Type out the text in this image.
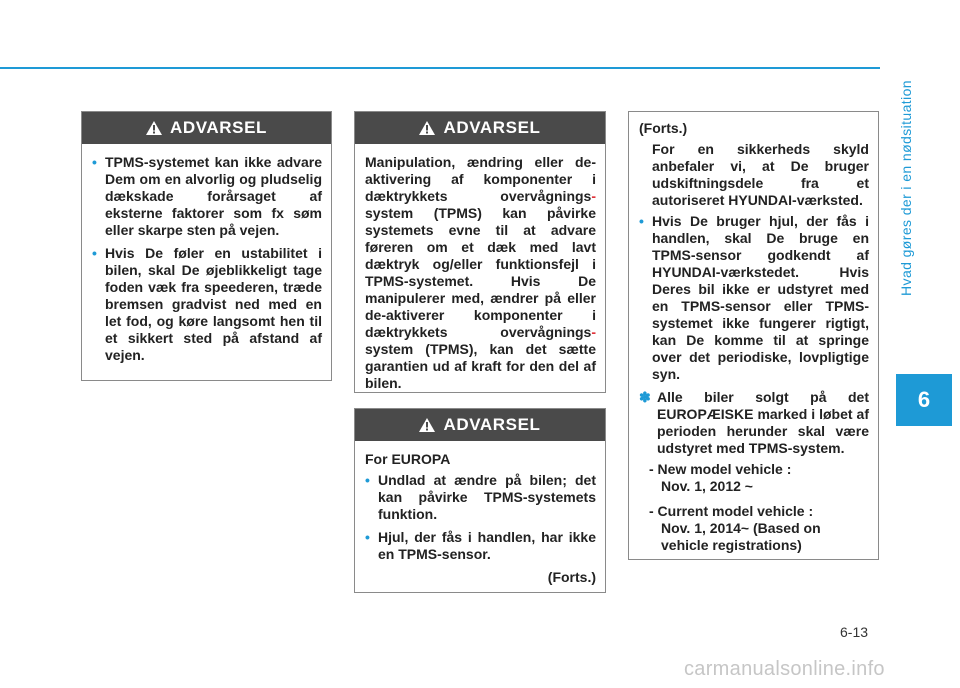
Hvad gøres der i en nødsituation
6
ADVARSEL
• TPMS-systemet kan ikke advare Dem om en alvorlig og pludselig dækskade forårsaget af eksterne faktorer som fx søm eller skarpe sten på vejen.
• Hvis De føler en ustabilitet i bilen, skal De øjeblikkeligt tage foden væk fra speederen, træde bremsen gradvist ned med en let fod, og køre langsomt hen til et sikkert sted på afstand af vejen.
ADVARSEL
Manipulation, ændring eller de-aktivering af komponenter i dæktrykkets overvågnings- system (TPMS) kan påvirke systemets evne til at advare føreren om et dæk med lavt dæktryk og/eller funktionsfejl i TPMS-systemet. Hvis De manipulerer med, ændrer på eller de-aktiverer komponenter i dæktrykkets overvågnings- system (TPMS), kan det sætte garantien ud af kraft for den del af bilen.
ADVARSEL
For EUROPA
• Undlad at ændre på bilen; det kan påvirke TPMS-systemets funktion.
• Hjul, der fås i handlen, har ikke en TPMS-sensor.
(Forts.)
(Forts.)
For en sikkerheds skyld anbefaler vi, at De bruger udskiftningsdele fra et autoriseret HYUNDAI-værksted.
• Hvis De bruger hjul, der fås i handlen, skal De bruge en TPMS-sensor godkendt af HYUNDAI-værkstedet. Hvis Deres bil ikke er udstyret med en TPMS-sensor eller TPMS-systemet ikke fungerer rigtigt, kan De komme til at springe over det periodiske, lovpligtige syn.
✽ Alle biler solgt på det EUROPÆISKE marked i løbet af perioden herunder skal være udstyret med TPMS-system.
- New model vehicle :
Nov. 1, 2012 ~
- Current model vehicle :
Nov. 1, 2014~ (Based on vehicle registrations)
6-13
carmanualsonline.info
